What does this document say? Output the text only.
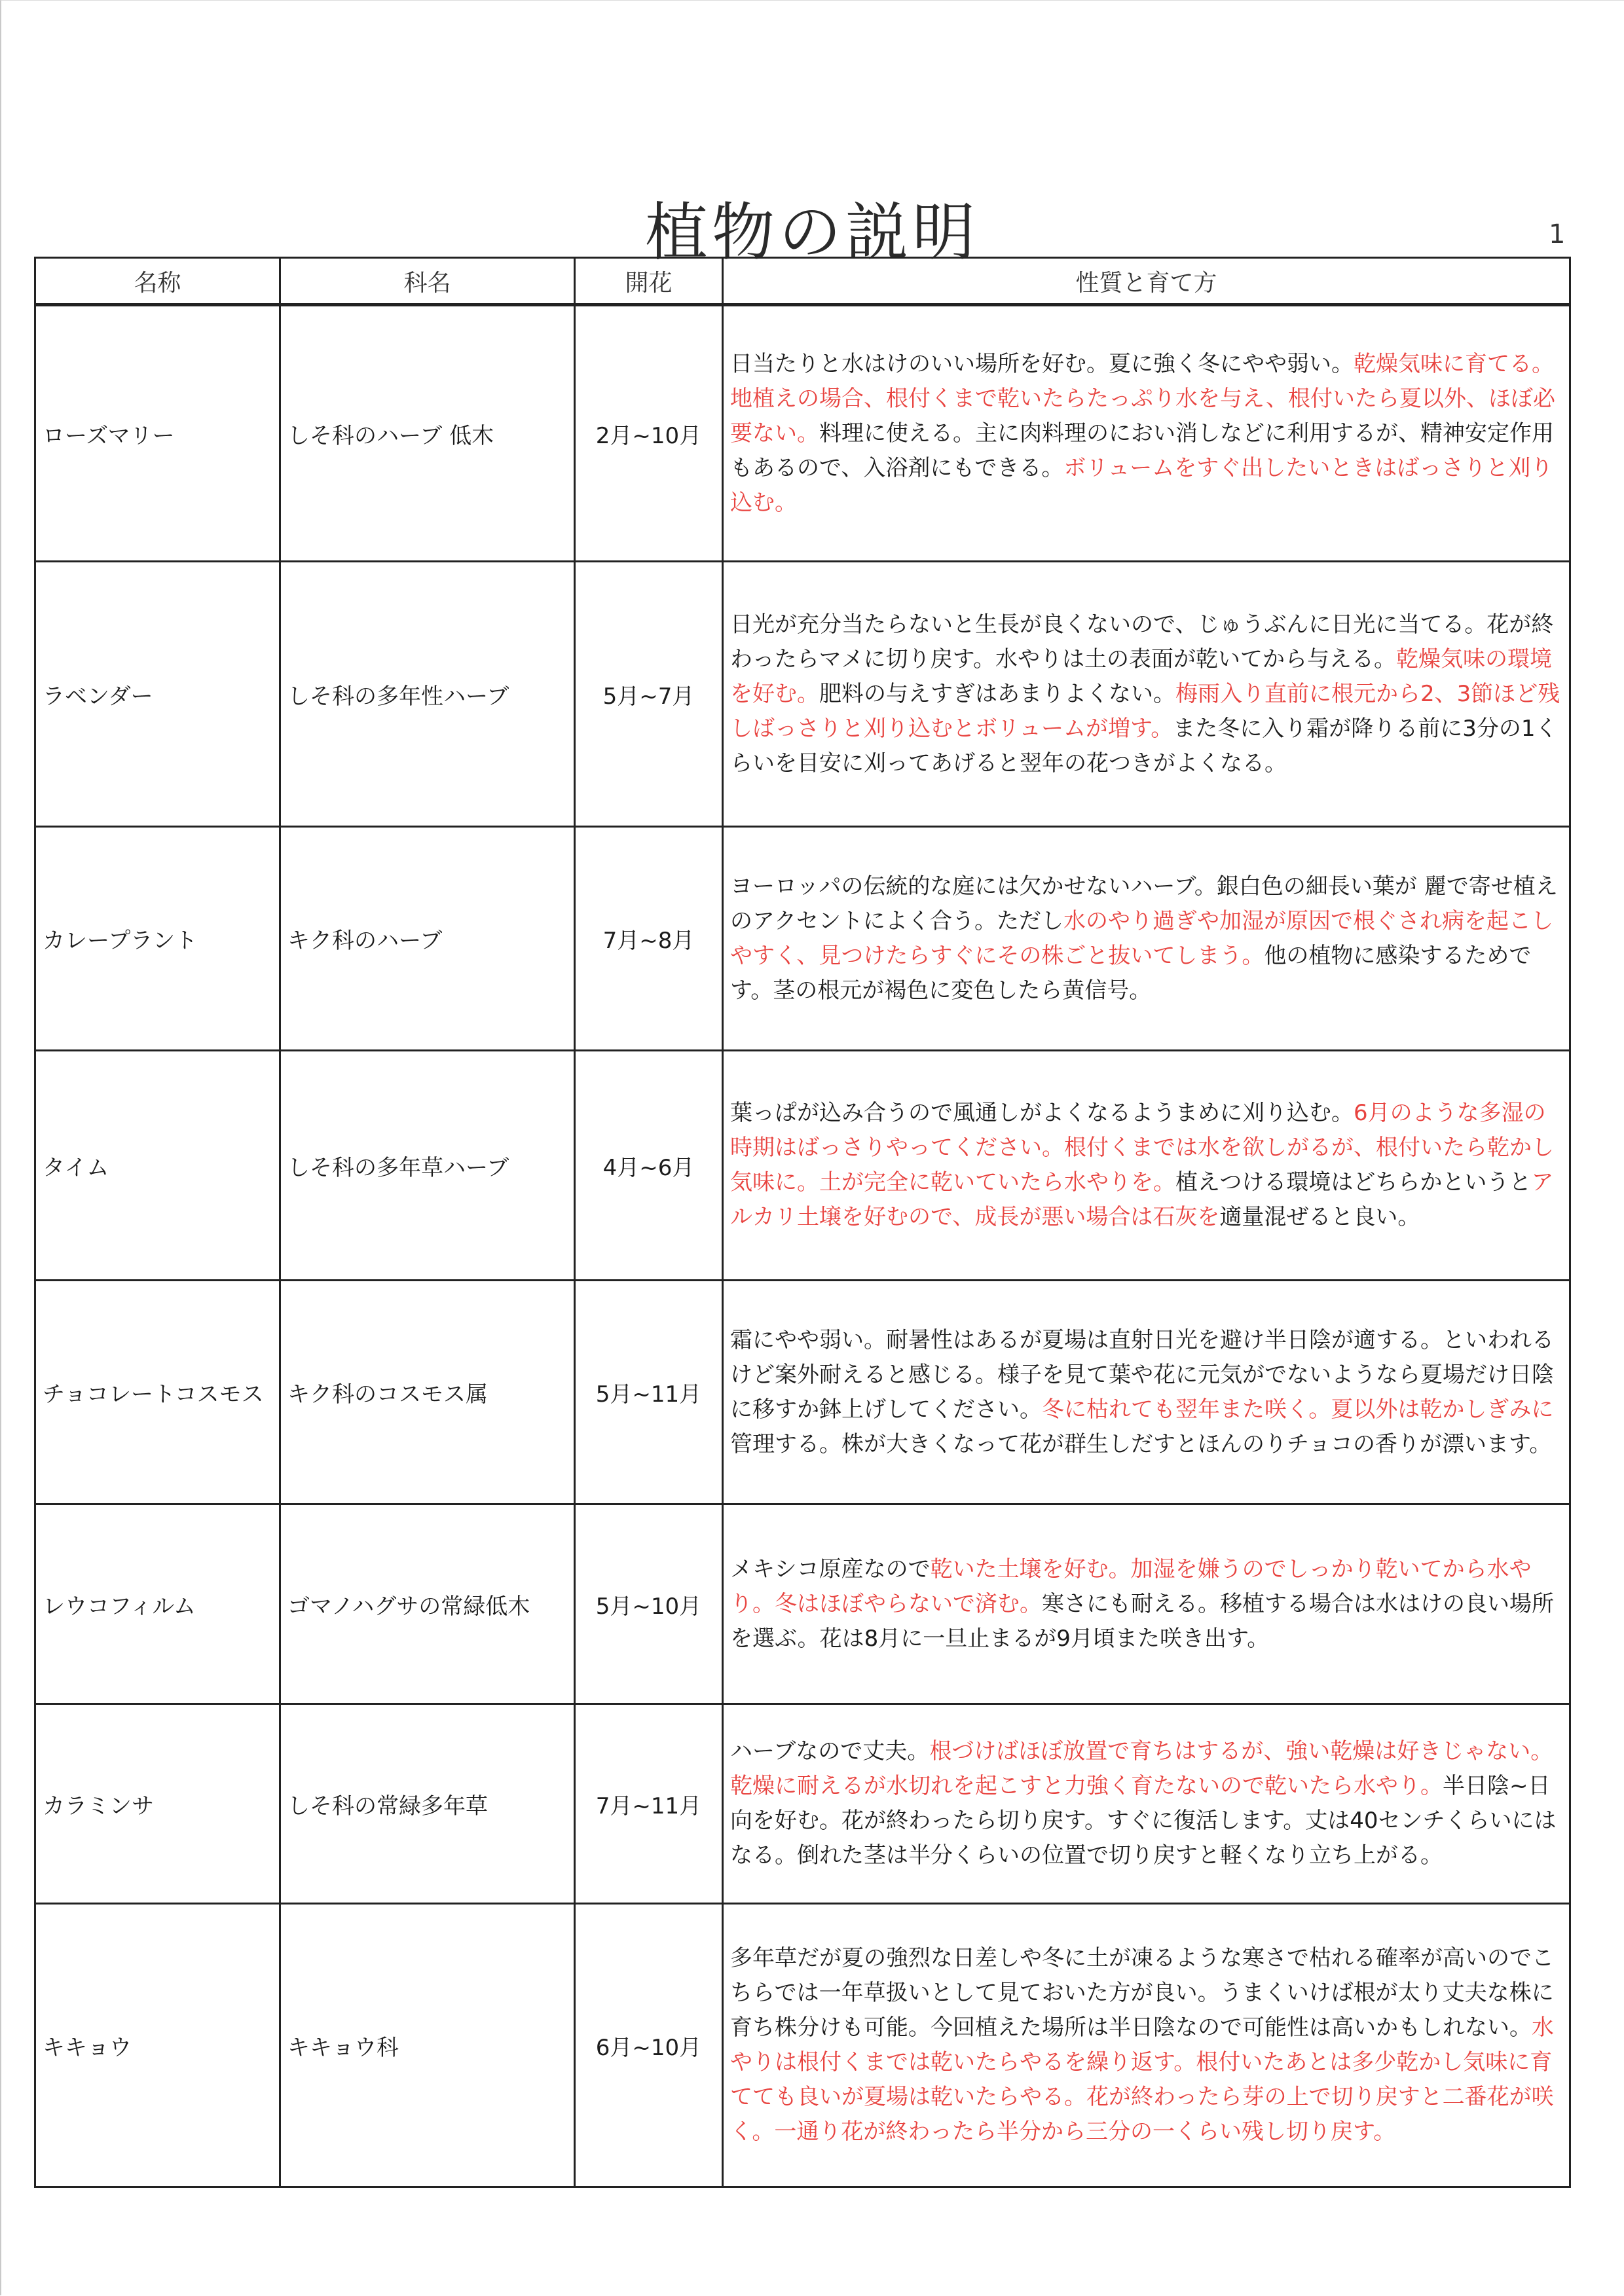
植物の説明	1
名称	科名	開花	性質と育て方
ローズマリー	しそ科のハーブ 低木	2月~10月	日当たりと水はけのいい場所を好む。夏に強く冬にやや弱い。乾燥気味に育てる。地植えの場合、根付くまで乾いたらたっぷり水を与え、根付いたら夏以外、ほぼ必要ない。料理に使える。主に肉料理のにおい消しなどに利用するが、精神安定作用もあるので、入浴剤にもできる。ボリュームをすぐ出したいときはばっさりと刈り込む。
ラベンダー	しそ科の多年性ハーブ	5月~7月	日光が充分当たらないと生長が良くないので、じゅうぶんに日光に当てる。花が終わったらマメに切り戻す。水やりは土の表面が乾いてから与える。乾燥気味の環境を好む。肥料の与えすぎはあまりよくない。梅雨入り直前に根元から2、3節ほど残しばっさりと刈り込むとボリュームが増す。また冬に入り霜が降りる前に3分の1くらいを目安に刈ってあげると翌年の花つきがよくなる。
カレープラント	キク科のハーブ	7月~8月	ヨーロッパの伝統的な庭には欠かせないハーブ。銀白色の細長い葉が 麗で寄せ植えのアクセントによく合う。ただし水のやり過ぎや加湿が原因で根ぐされ病を起こしやすく、見つけたらすぐにその株ごと抜いてしまう。他の植物に感染するためです。茎の根元が褐色に変色したら黄信号。
タイム	しそ科の多年草ハーブ	4月~6月	葉っぱが込み合うので風通しがよくなるようまめに刈り込む。6月のような多湿の時期はばっさりやってください。根付くまでは水を欲しがるが、根付いたら乾かし気味に。土が完全に乾いていたら水やりを。植えつける環境はどちらかというとアルカリ土壌を好むので、成長が悪い場合は石灰を適量混ぜると良い。
チョコレートコスモス	キク科のコスモス属	5月~11月	霜にやや弱い。耐暑性はあるが夏場は直射日光を避け半日陰が適する。といわれるけど案外耐えると感じる。様子を見て葉や花に元気がでないようなら夏場だけ日陰に移すか鉢上げしてください。冬に枯れても翌年また咲く。夏以外は乾かしぎみに管理する。株が大きくなって花が群生しだすとほんのりチョコの香りが漂います。
レウコフィルム	ゴマノハグサの常緑低木	5月~10月	メキシコ原産なので乾いた土壌を好む。加湿を嫌うのでしっかり乾いてから水やり。冬はほぼやらないで済む。寒さにも耐える。移植する場合は水はけの良い場所を選ぶ。花は8月に一旦止まるが9月頃また咲き出す。
カラミンサ	しそ科の常緑多年草	7月~11月	ハーブなので丈夫。根づけばほぼ放置で育ちはするが、強い乾燥は好きじゃない。乾燥に耐えるが水切れを起こすと力強く育たないので乾いたら水やり。半日陰~日向を好む。花が終わったら切り戻す。すぐに復活します。丈は40センチくらいにはなる。倒れた茎は半分くらいの位置で切り戻すと軽くなり立ち上がる。
キキョウ	キキョウ科	6月~10月	多年草だが夏の強烈な日差しや冬に土が凍るような寒さで枯れる確率が高いのでこちらでは一年草扱いとして見ておいた方が良い。うまくいけば根が太り丈夫な株に育ち株分けも可能。今回植えた場所は半日陰なので可能性は高いかもしれない。水やりは根付くまでは乾いたらやるを繰り返す。根付いたあとは多少乾かし気味に育てても良いが夏場は乾いたらやる。花が終わったら芽の上で切り戻すと二番花が咲く。一通り花が終わったら半分から三分の一くらい残し切り戻す。
